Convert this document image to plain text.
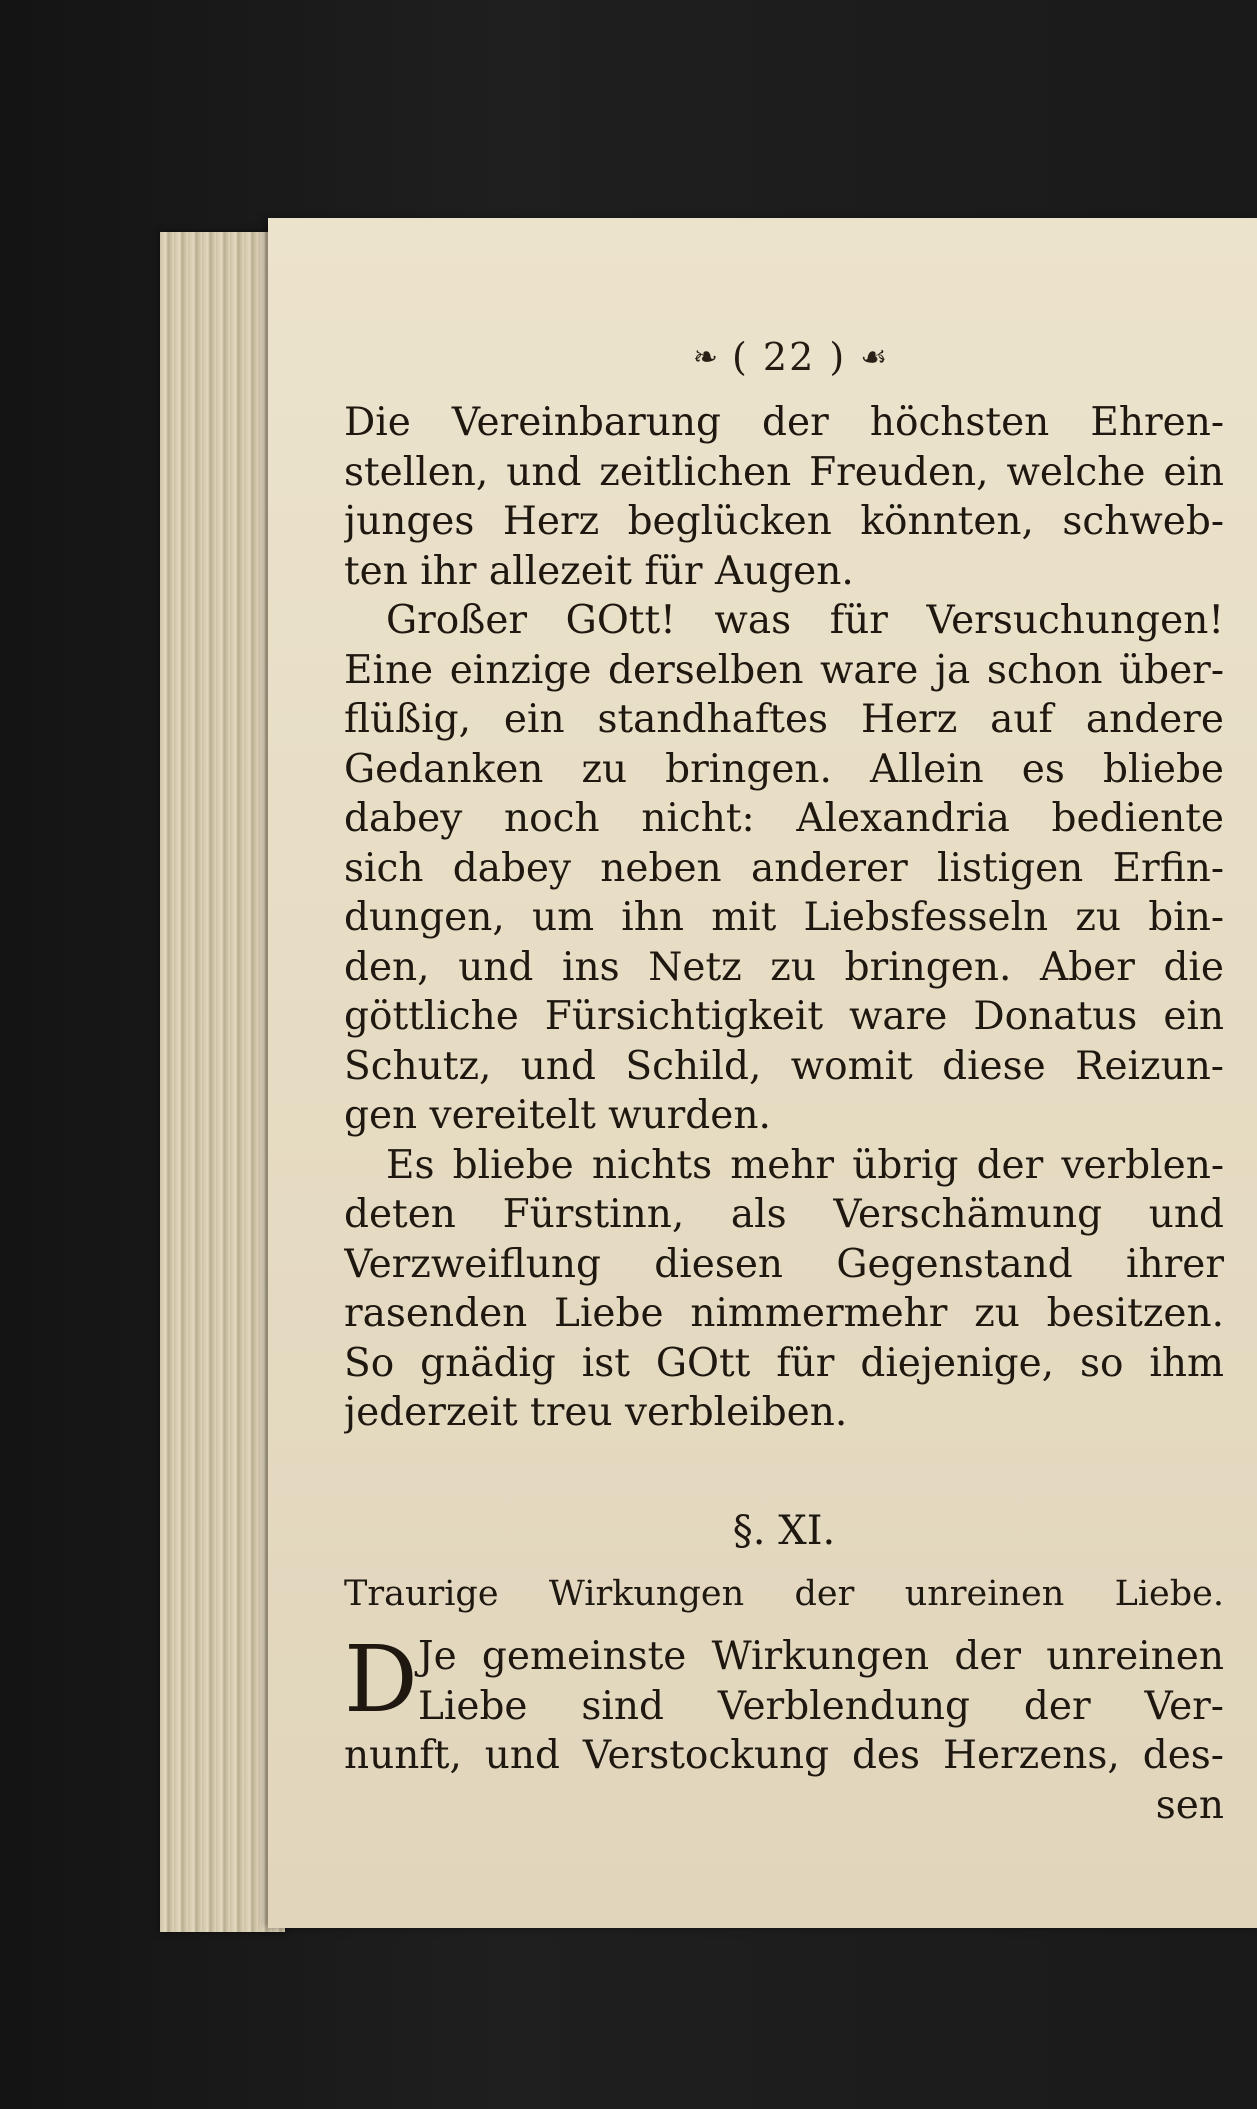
❧ ( 22 ) ☙
Die Vereinbarung der höchsten Ehren-
stellen, und zeitlichen Freuden, welche ein
junges Herz beglücken könnten, schweb-
ten ihr allezeit für Augen.
Großer GOtt! was für Versuchungen!
Eine einzige derselben ware ja schon über-
flüßig, ein standhaftes Herz auf andere
Gedanken zu bringen. Allein es bliebe
dabey noch nicht: Alexandria bediente
sich dabey neben anderer listigen Erfin-
dungen, um ihn mit Liebsfesseln zu bin-
den, und ins Netz zu bringen. Aber die
göttliche Fürsichtigkeit ware Donatus ein
Schutz, und Schild, womit diese Reizun-
gen vereitelt wurden.
Es bliebe nichts mehr übrig der verblen-
deten Fürstinn, als Verschämung und
Verzweiflung diesen Gegenstand ihrer
rasenden Liebe nimmermehr zu besitzen.
So gnädig ist GOtt für diejenige, so ihm
jederzeit treu verbleiben.
§. XI.
Traurige Wirkungen der unreinen Liebe.
D Je gemeinste Wirkungen der unreinen
Liebe sind Verblendung der Ver-
nunft, und Verstockung des Herzens, des-
sen
